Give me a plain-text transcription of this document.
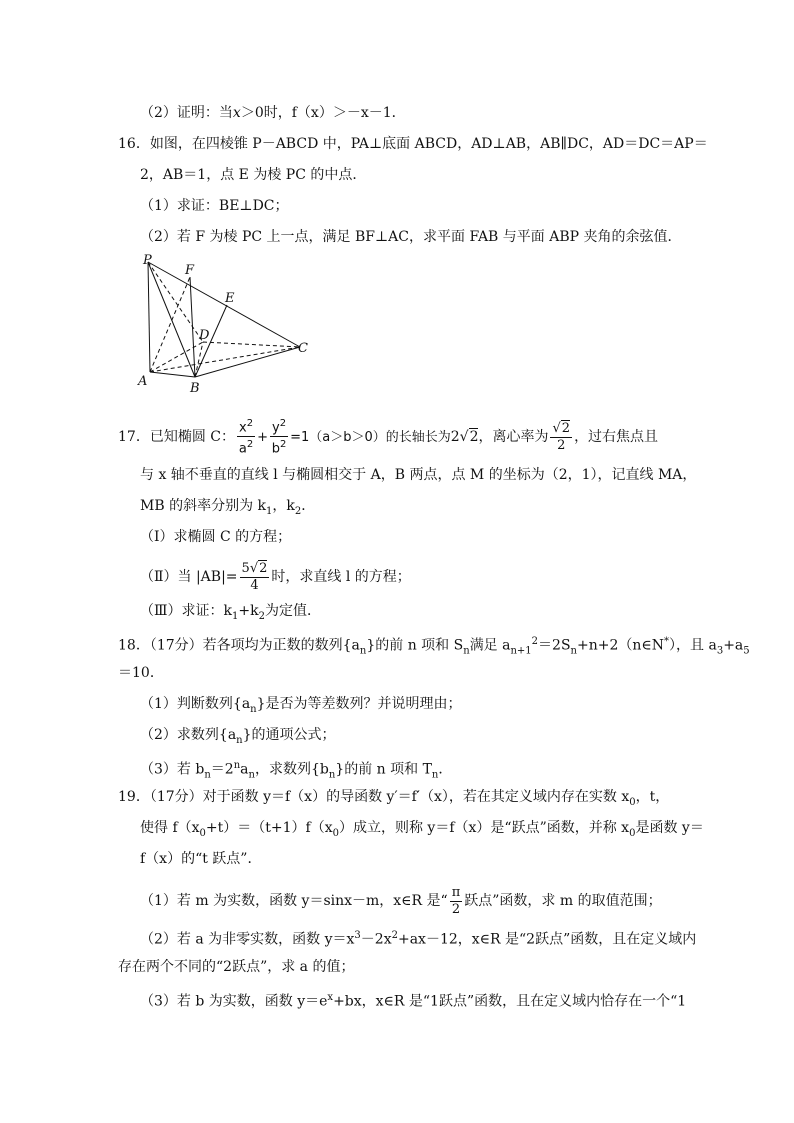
（2）证明：当x＞0时，f（x）＞－x－1．
16．如图，在四棱锥 P－ABCD 中，PA⊥底面 ABCD，AD⊥AB，AB∥DC，AD＝DC＝AP＝
2，AB＝1，点 E 为棱 PC 的中点．
（1）求证：BE⊥DC；
（2）若 F 为棱 PC 上一点，满足 BF⊥AC，求平面 FAB 与平面 ABP 夹角的余弦值．
P
F
E
D
C
A	B
17．已知椭圆 C： $\frac{x^2}{a^2} + \frac{y^2}{b^2} =1(a>b>0)$的长轴长为2√2，离心率为 $\frac{√2}{2}$ ，过右焦点且
与 x 轴不垂直的直线 l 与椭圆相交于 A，B 两点，点 M 的坐标为（2，1），记直线 MA，
MB 的斜率分别为 $k_1$，$k_2$．
（Ⅰ）求椭圆 C 的方程；
（Ⅱ）当 $|AB|= \frac{5√2}{4}$ 时，求直线 l 的方程；
（Ⅲ）求证：$k_1+k_2$为定值．
18．（17分）若各项均为正数的数列$\{a_n\}$的前 n 项和 $S_n$满足 $a_{n+1}^2=2S_n+n+2(n\in N^*)$，且 $a_3+a_5$
＝10．
（1）判断数列$\{a_n\}$是否为等差数列？并说明理由；
（2）求数列$\{a_n\}$的通项公式；
（3）若 $b_n=2^na_n$，求数列$\{b_n\}$的前 n 项和 $T_n$．
19．（17分）对于函数 y＝f（x）的导函数 y′＝f′（x），若在其定义域内存在实数 $x_0$，t，
使得 $f(x_0+t)=(t+1)f(x_0)$成立，则称 y＝f（x）是“跃点”函数，并称 $x_0$是函数 y＝
f（x）的“t 跃点”．
（1）若 m 为实数，函数 y＝sinx－m，x∈R 是“ $\frac{\pi}{2}$ 跃点”函数，求 m 的取值范围；
（2）若 a 为非零实数，函数 $y=x^3-2x^2+ax-12$，x∈R 是“2跃点”函数，且在定义域内
存在两个不同的“2跃点”，求 a 的值；
（3）若 b 为实数，函数 $y=e^x+bx$，x∈R 是“1跃点”函数，且在定义域内恰存在一个“1
